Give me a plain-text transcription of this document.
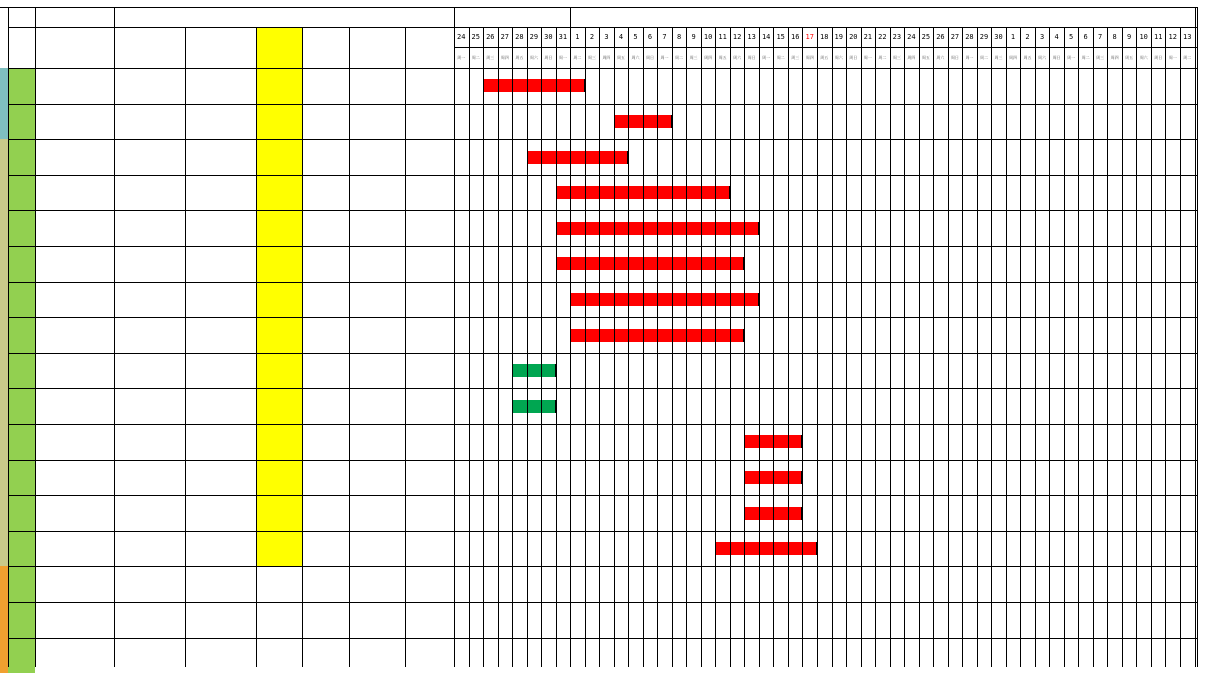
24
周一
25
周二
26
周三
27
周四
28
周五
29
周六
30
周日
31
周一
1
周二
2
周三
3
周四
4
周五
5
周六
6
周日
7
周一
8
周二
9
周三
10
周四
11
周五
12
周六
13
周日
14
周一
15
周二
16
周三
17
周四
18
周五
19
周六
20
周日
21
周一
22
周二
23
周三
24
周四
25
周五
26
周六
27
周日
28
周一
29
周二
30
周三
1
周四
2
周五
3
周六
4
周日
5
周一
6
周二
7
周三
8
周四
9
周五
10
周六
11
周日
12
周一
13
周二
